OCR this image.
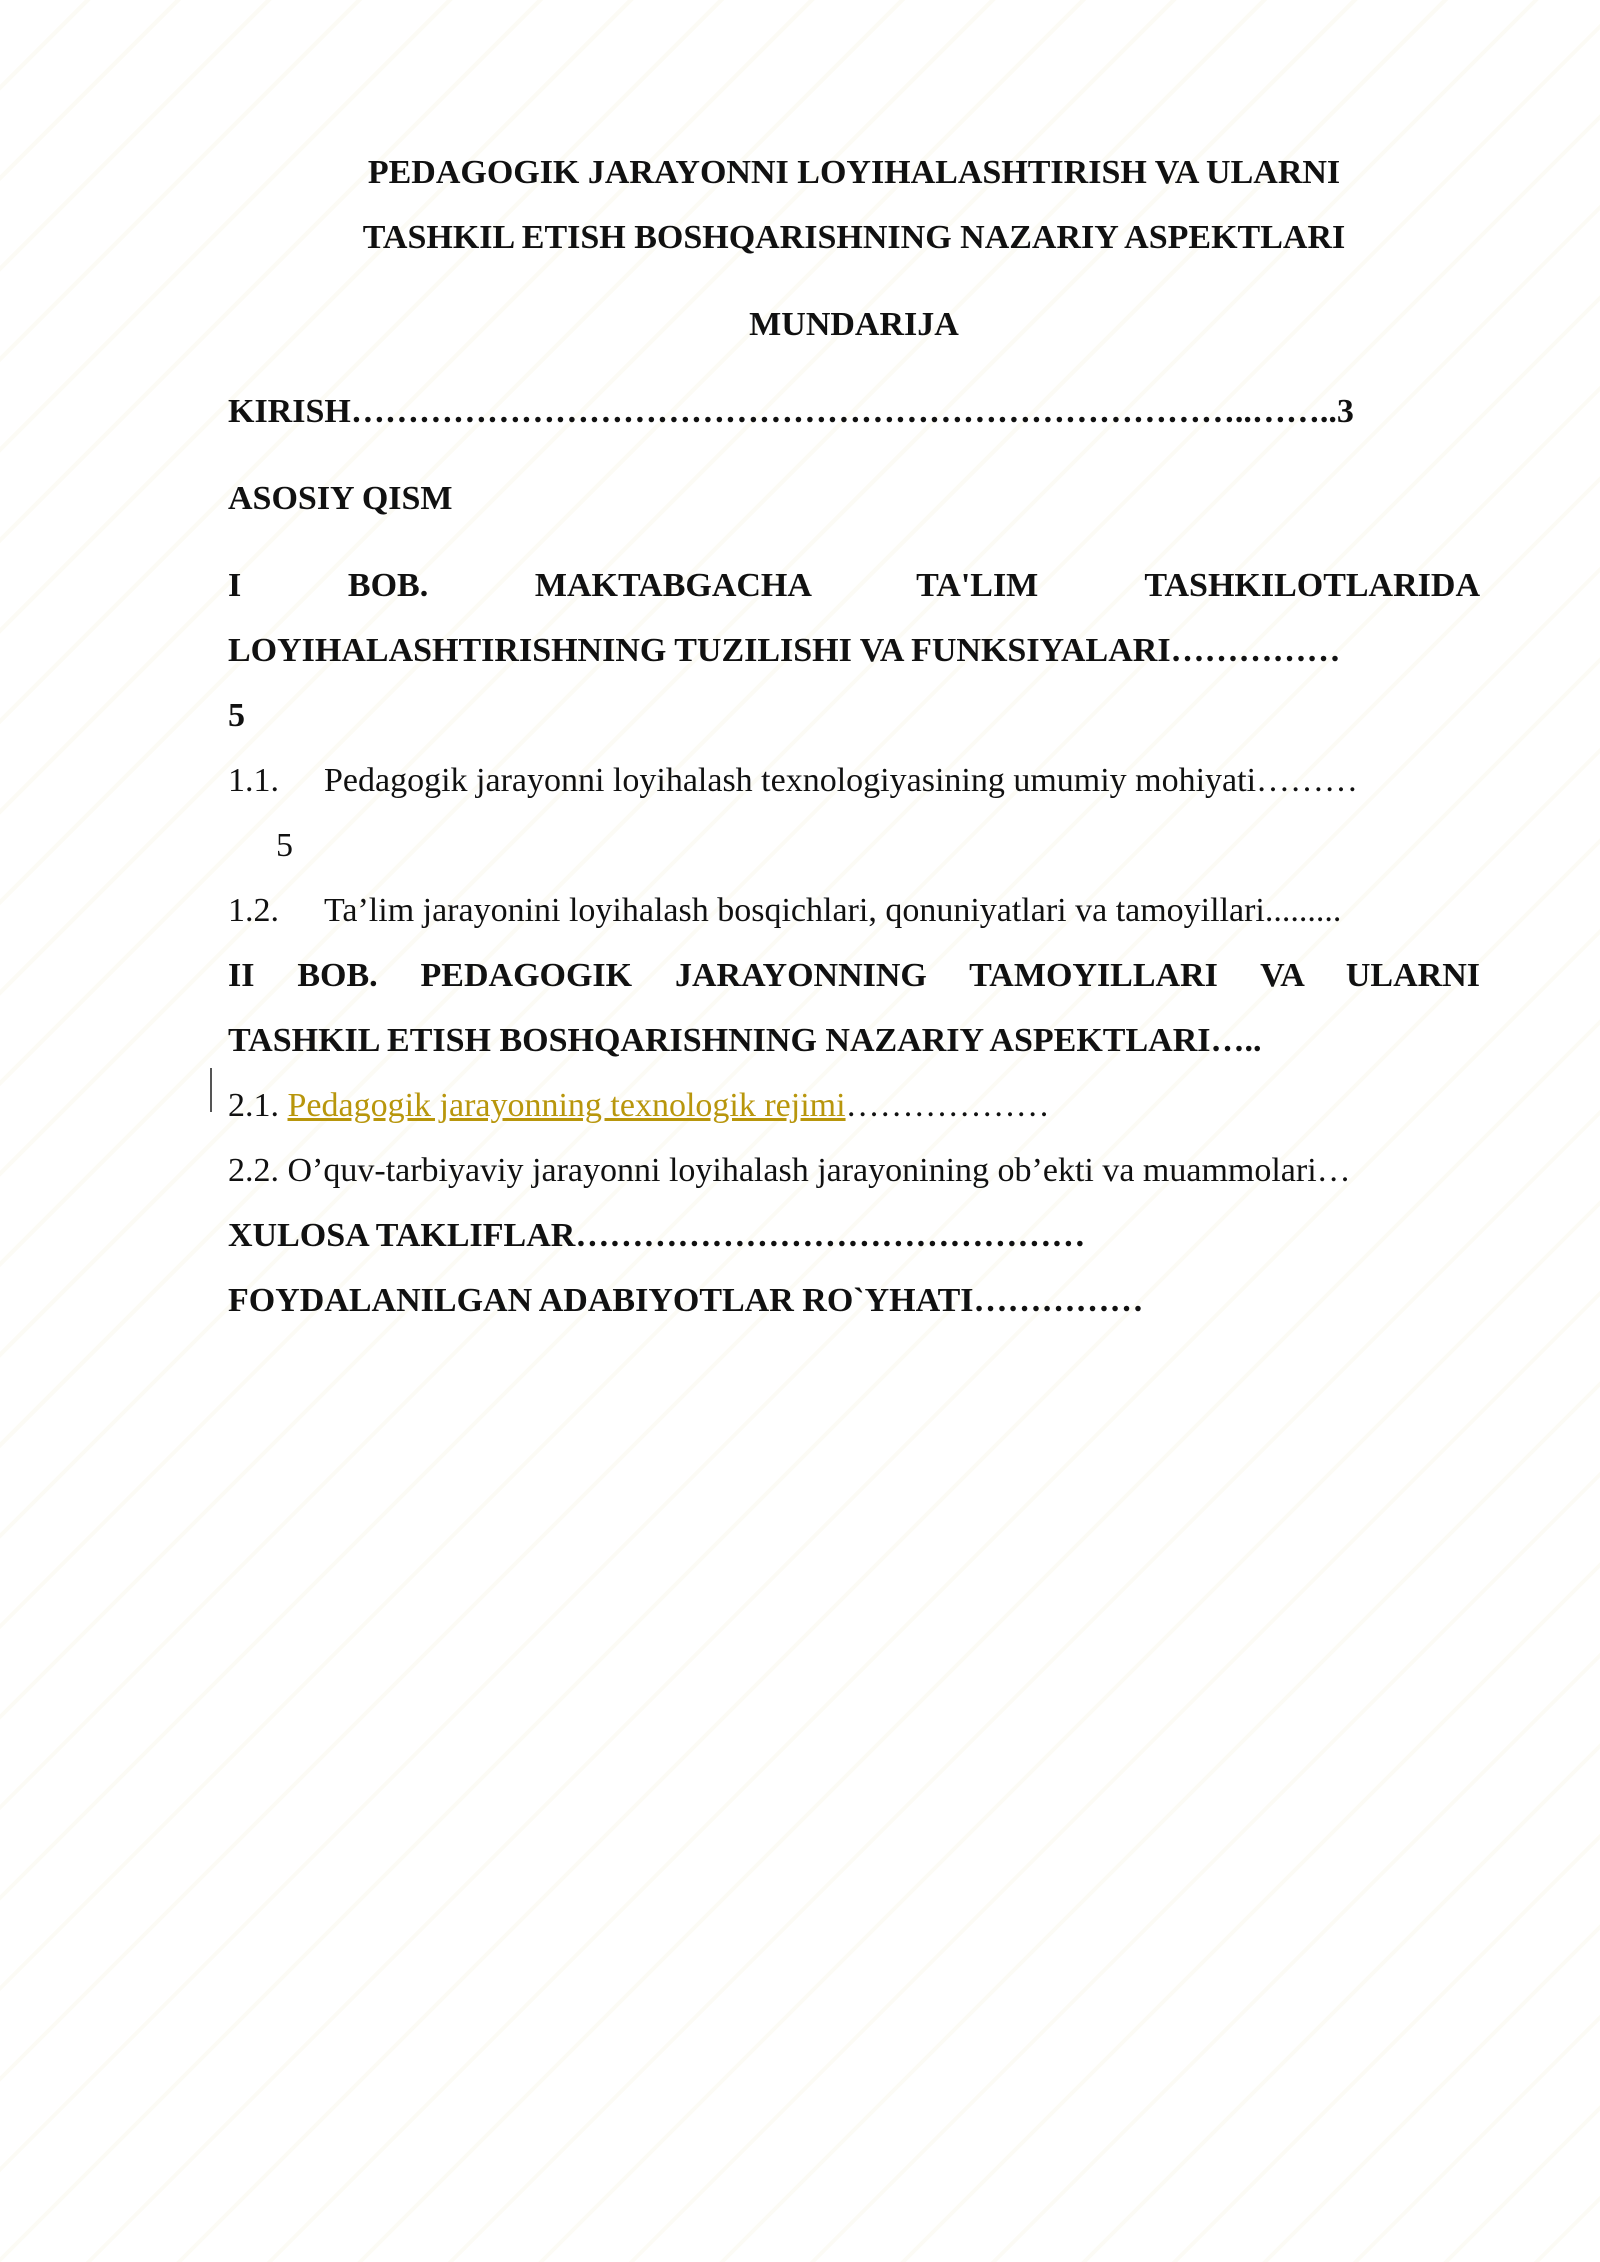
PEDAGOGIK JARAYONNI LOYIHALASHTIRISH VA ULARNI
TASHKIL ETISH BOSHQARISHNING NAZARIY ASPEKTLARI
MUNDARIJA
KIRISH……………………………………………………………………..……..3
ASOSIY QISM
I BOB. MAKTABGACHA TA'LIM TASHKILOTLARIDA
LOYIHALASHTIRISHNING TUZILISHI VA FUNKSIYALARI……………
5
1.1.	Pedagogik jarayonni loyihalash texnologiyasining umumiy mohiyati………
5
1.2.	Ta’lim jarayonini loyihalash bosqichlari, qonuniyatlari va tamoyillari.........
II BOB. PEDAGOGIK JARAYONNING TAMOYILLARI VA ULARNI
TASHKIL ETISH BOSHQARISHNING NAZARIY ASPEKTLARI…..
2.1. Pedagogik jarayonning texnologik rejimi………………
2.2. O’quv-tarbiyaviy jarayonni loyihalash jarayonining ob’ekti va muammolari…
XULOSA TAKLIFLAR………………………………………
FOYDALANILGAN ADABIYOTLAR RO`YHATI……………
